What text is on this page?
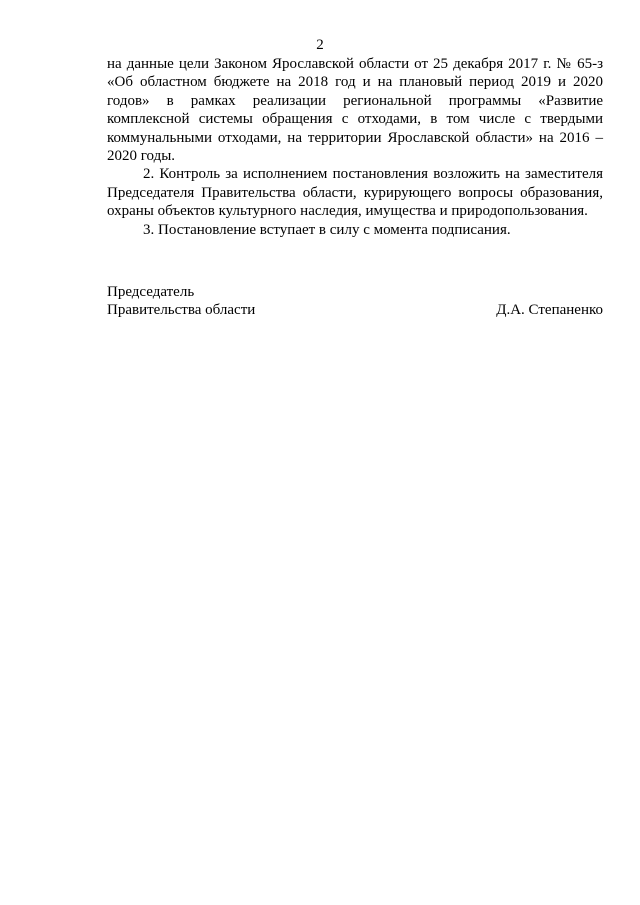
2

на данные цели Законом Ярославской области от 25 декабря 2017 г. № 65-з «Об областном бюджете на 2018 год и на плановый период 2019 и 2020 годов» в рамках реализации региональной программы «Развитие комплексной системы обращения с отходами, в том числе с твердыми коммунальными отходами, на территории Ярославской области» на 2016 – 2020 годы.

2. Контроль за исполнением постановления возложить на заместителя Председателя Правительства области, курирующего вопросы образования, охраны объектов культурного наследия, имущества и природопользования.

3. Постановление вступает в силу с момента подписания.

Председатель
Правительства области	Д.А. Степаненко
